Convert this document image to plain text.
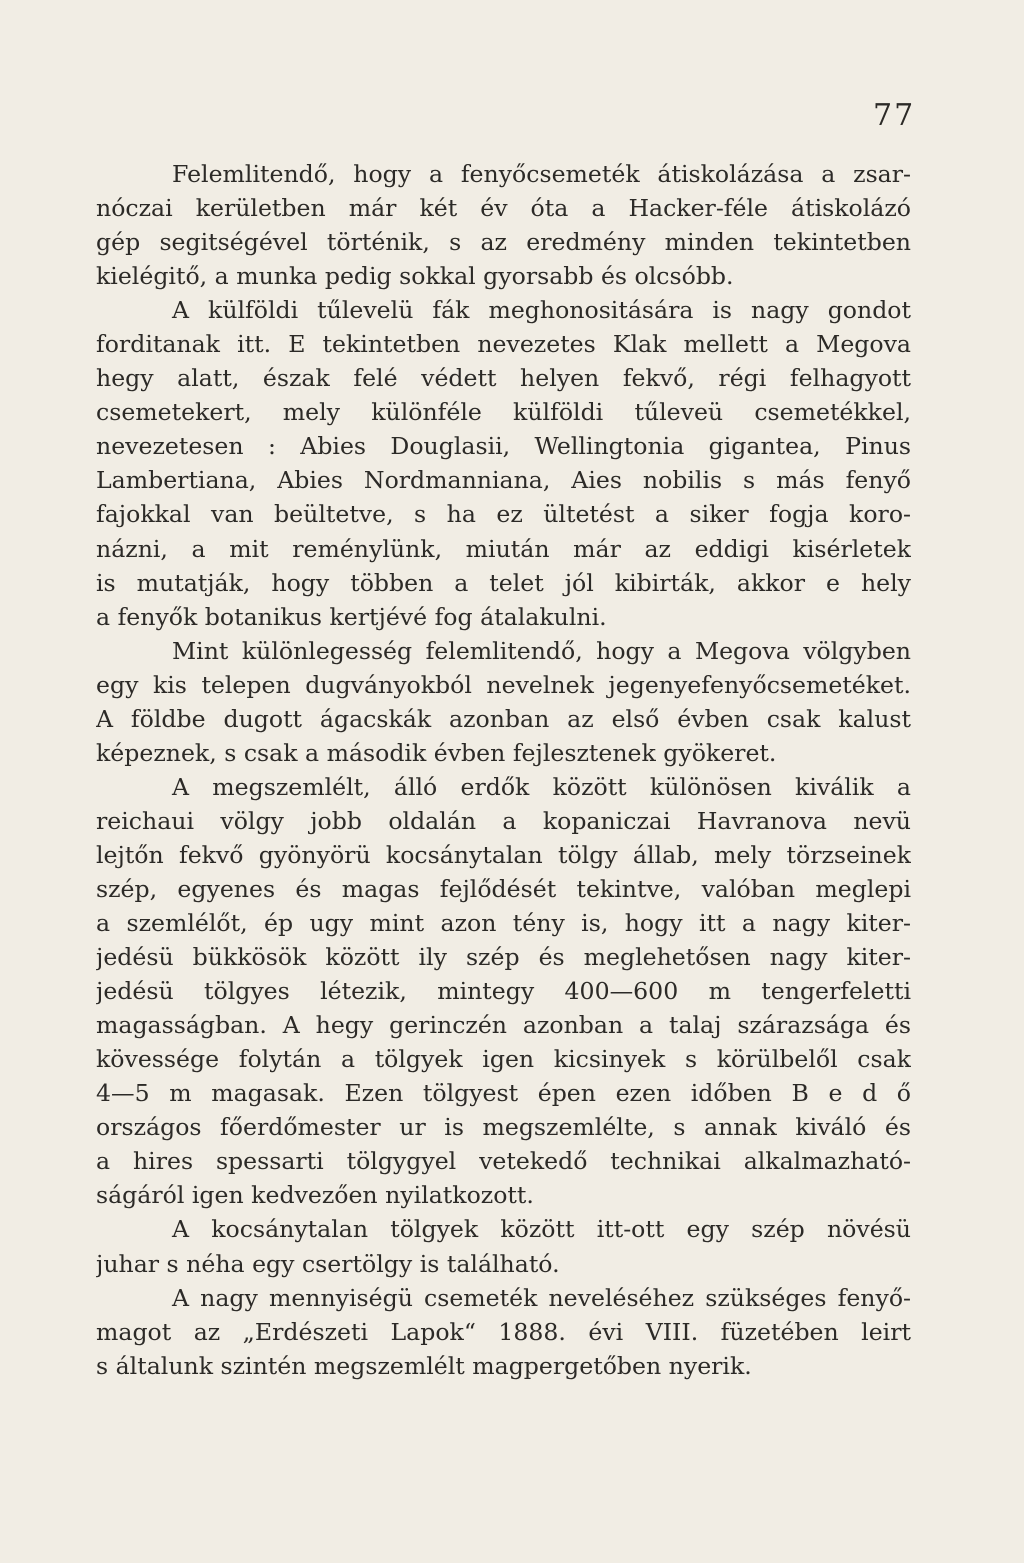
77
Felemlitendő, hogy a fenyőcsemeték átiskolázása a zsar-
nóczai kerületben már két év óta a Hacker-féle átiskolázó
gép segitségével történik, s az eredmény minden tekintetben
kielégitő, a munka pedig sokkal gyorsabb és olcsóbb.
A külföldi tűlevelü fák meghonositására is nagy gondot
forditanak itt. E tekintetben nevezetes Klak mellett a Megova
hegy alatt, észak felé védett helyen fekvő, régi felhagyott
csemetekert, mely különféle külföldi tűleveü csemetékkel,
nevezetesen : Abies Douglasii, Wellingtonia gigantea, Pinus
Lambertiana, Abies Nordmanniana, Aies nobilis s más fenyő
fajokkal van beültetve, s ha ez ültetést a siker fogja koro-
názni, a mit reménylünk, miután már az eddigi kisérletek
is mutatják, hogy többen a telet jól kibirták, akkor e hely
a fenyők botanikus kertjévé fog átalakulni.
Mint különlegesség felemlitendő, hogy a Megova völgyben
egy kis telepen dugványokból nevelnek jegenyefenyőcsemetéket.
A földbe dugott ágacskák azonban az első évben csak kalust
képeznek, s csak a második évben fejlesztenek gyökeret.
A megszemlélt, álló erdők között különösen kiválik a
reichaui völgy jobb oldalán a kopaniczai Havranova nevü
lejtőn fekvő gyönyörü kocsánytalan tölgy állab, mely törzseinek
szép, egyenes és magas fejlődését tekintve, valóban meglepi
a szemlélőt, ép ugy mint azon tény is, hogy itt a nagy kiter-
jedésü bükkösök között ily szép és meglehetősen nagy kiter-
jedésü tölgyes létezik, mintegy 400—600 m tengerfeletti
magasságban. A hegy gerinczén azonban a talaj szárazsága és
kövessége folytán a tölgyek igen kicsinyek s körülbelől csak
4—5 m magasak. Ezen tölgyest épen ezen időben B e d ő
országos főerdőmester ur is megszemlélte, s annak kiváló és
a hires spessarti tölgygyel vetekedő technikai alkalmazható-
ságáról igen kedvezően nyilatkozott.
A kocsánytalan tölgyek között itt-ott egy szép növésü
juhar s néha egy csertölgy is található.
A nagy mennyiségü csemeték neveléséhez szükséges fenyő-
magot az „Erdészeti Lapok“ 1888. évi VIII. füzetében leirt
s általunk szintén megszemlélt magpergetőben nyerik.
